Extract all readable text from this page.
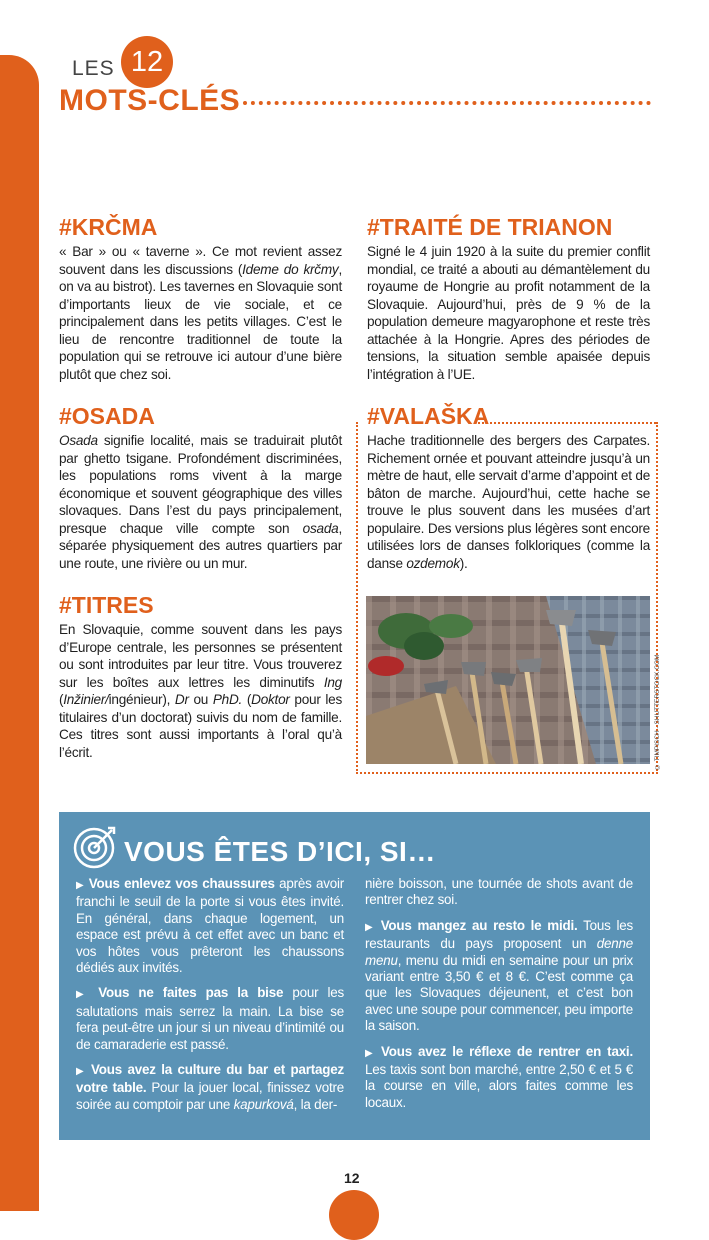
LES 12
MOTS-CLÉS
#KRČMA

« Bar » ou « taverne ». Ce mot revient assez souvent dans les discussions (Ideme do krčmy, on va au bistrot). Les tavernes en Slovaquie sont d’importants lieux de vie sociale, et ce principalement dans les petits villages. C’est le lieu de rencontre traditionnel de toute la population qui se retrouve ici autour d’une bière plutôt que chez soi.

#OSADA

Osada signifie localité, mais se traduirait plutôt par ghetto tsigane. Profondément discriminées, les populations roms vivent à la marge économique et souvent géographique des villes slovaques. Dans l’est du pays principalement, presque chaque ville compte son osada, séparée physiquement des autres quartiers par une route, une rivière ou un mur.

#TITRES

En Slovaquie, comme souvent dans les pays d’Europe centrale, les personnes se présentent ou sont introduites par leur titre. Vous trouverez sur les boîtes aux lettres les diminutifs Ing (Inžinier/ingénieur), Dr ou PhD. (Doktor pour les titulaires d’un doctorat) suivis du nom de famille. Ces titres sont aussi importants à l’oral qu’à l’écrit.

#TRAITÉ DE TRIANON

Signé le 4 juin 1920 à la suite du premier conflit mondial, ce traité a abouti au démantèlement du royaume de Hongrie au profit notamment de la Slovaquie. Aujourd’hui, près de 9 % de la population demeure magyarophone et reste très attachée à la Hongrie. Apres des périodes de tensions, la situation semble apaisée depuis l’intégration à l’UE.

#VALAŠKA

Hache traditionnelle des bergers des Carpates. Richement ornée et pouvant atteindre jusqu’à un mètre de haut, elle servait d’arme d’appoint et de bâton de marche. Aujourd’hui, cette hache se trouve le plus souvent dans les musées d’art populaire. Des versions plus légères sont encore utilisées lors de danses folkloriques (comme la danse ozdemok).

© TIMPISCH - SHUTTERSTOCK.COM
VOUS ÊTES D’ICI, SI…

▶ Vous enlevez vos chaussures après avoir franchi le seuil de la porte si vous êtes invité. En général, dans chaque logement, un espace est prévu à cet effet avec un banc et vos hôtes vous prêteront les chaussons dédiés aux invités.

▶ Vous ne faites pas la bise pour les salutations mais serrez la main. La bise se fera peut-être un jour si un niveau d’intimité ou de camaraderie est passé.

▶ Vous avez la culture du bar et partagez votre table. Pour la jouer local, finissez votre soirée au comptoir par une kapurková, la der-

nière boisson, une tournée de shots avant de rentrer chez soi.

▶ Vous mangez au resto le midi. Tous les restaurants du pays proposent un denne menu, menu du midi en semaine pour un prix variant entre 3,50 € et 8 €. C’est comme ça que les Slovaques déjeunent, et c’est bon avec une soupe pour commencer, peu importe la saison.

▶ Vous avez le réflexe de rentrer en taxi. Les taxis sont bon marché, entre 2,50 € et 5 € la course en ville, alors faites comme les locaux.

12
